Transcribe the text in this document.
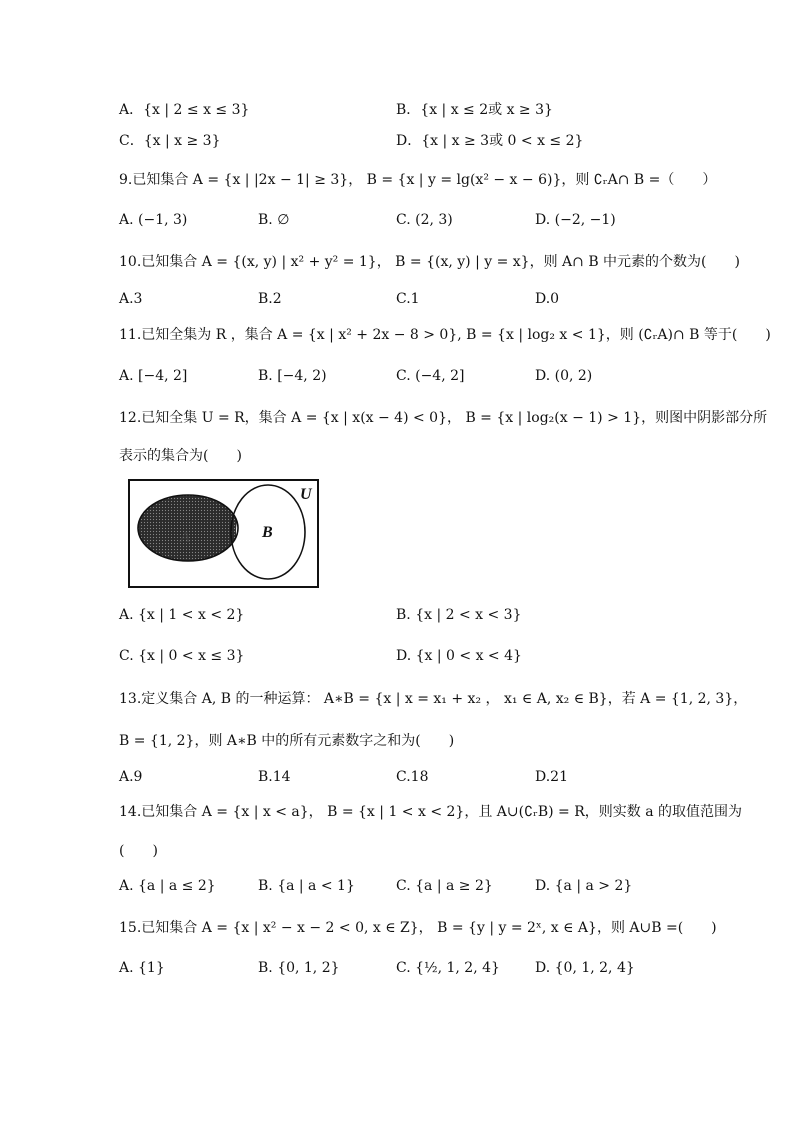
A．{x | 2 ≤ x ≤ 3}	B．{x | x ≤ 2或 x ≥ 3}
C．{x | x ≥ 3}	D．{x | x ≥ 3或 0 < x ≤ 2}
9.已知集合 A = {x | |2x − 1| ≥ 3}， B = {x | y = lg(x² − x − 6)}，则 ∁ᵣA∩ B =（　　）
A. (−1, 3)	B. ∅	C. (2, 3)	D. (−2, −1)
10.已知集合 A = {(x, y) | x² + y² = 1}， B = {(x, y) | y = x}，则 A∩ B 中元素的个数为(　　)
A.3	B.2	C.1	D.0
11.已知全集为 R ，集合 A = {x | x² + 2x − 8 > 0}, B = {x | log₂ x < 1}，则 (∁ᵣA)∩ B 等于(　　)
A. [−4, 2]	B. [−4, 2)	C. (−4, 2]	D. (0, 2)
12.已知全集 U = R，集合 A = {x | x(x − 4) < 0}， B = {x | log₂(x − 1) > 1}，则图中阴影部分所
表示的集合为(　　)
U
B
A
A. {x | 1 < x < 2}	B. {x | 2 < x < 3}
C. {x | 0 < x ≤ 3}	D. {x | 0 < x < 4}
13.定义集合 A, B 的一种运算： A∗B = {x | x = x₁ + x₂ ， x₁ ∈ A, x₂ ∈ B}，若 A = {1, 2, 3}，
B = {1, 2}，则 A∗B 中的所有元素数字之和为(　　)
A.9	B.14	C.18	D.21
14.已知集合 A = {x | x < a}， B = {x | 1 < x < 2}，且 A∪(∁ᵣB) = R，则实数 a 的取值范围为
(　　)
A. {a | a ≤ 2}	B. {a | a < 1}	C. {a | a ≥ 2}	D. {a | a > 2}
15.已知集合 A = {x | x² − x − 2 < 0, x ∈ Z}， B = {y | y = 2ˣ, x ∈ A}，则 A∪B =(　　)
A. {1}	B. {0, 1, 2}	C. {½, 1, 2, 4}	D. {0, 1, 2, 4}
